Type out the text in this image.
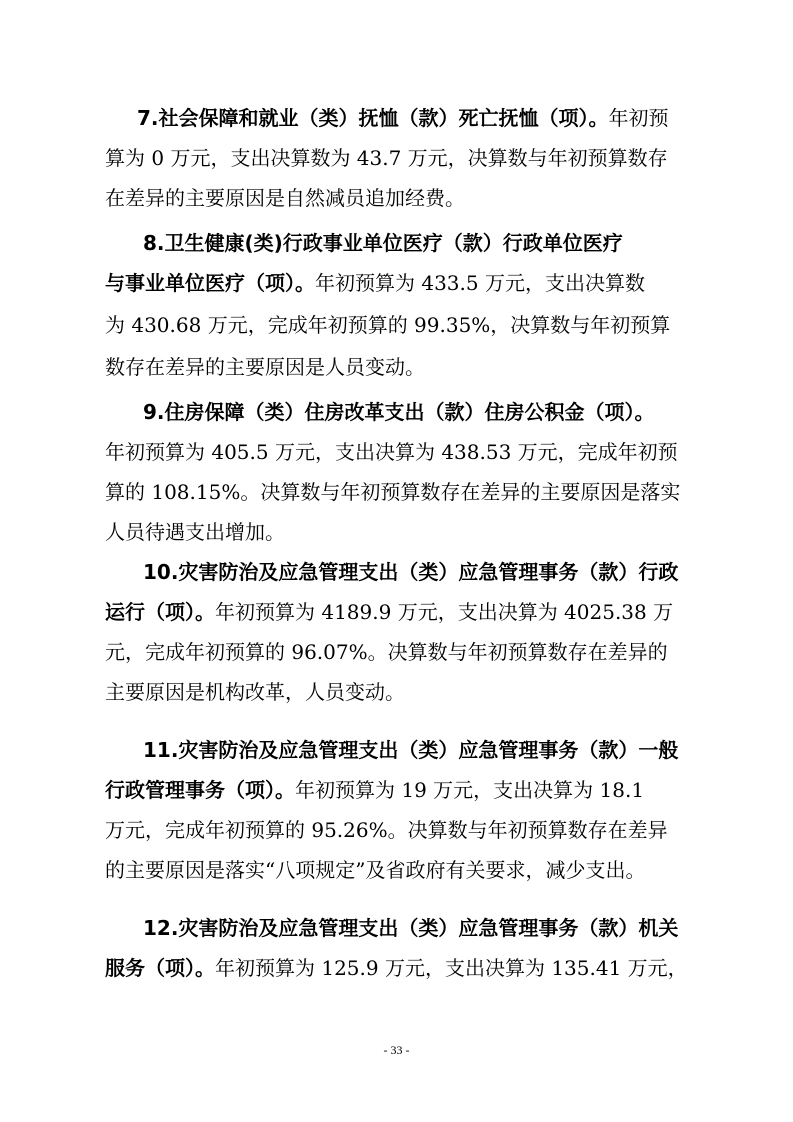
7.社会保障和就业（类）抚恤（款）死亡抚恤（项）。年初预
算为 0 万元，支出决算数为 43.7 万元，决算数与年初预算数存
在差异的主要原因是自然减员追加经费。
8.卫生健康(类)行政事业单位医疗（款）行政单位医疗
与事业单位医疗（项）。年初预算为 433.5 万元，支出决算数
为 430.68 万元，完成年初预算的 99.35%，决算数与年初预算
数存在差异的主要原因是人员变动。
9.住房保障（类）住房改革支出（款）住房公积金（项）。
年初预算为 405.5 万元，支出决算为 438.53 万元，完成年初预
算的 108.15%。决算数与年初预算数存在差异的主要原因是落实
人员待遇支出增加。
10.灾害防治及应急管理支出（类）应急管理事务（款）行政
运行（项）。年初预算为 4189.9 万元，支出决算为 4025.38 万
元，完成年初预算的 96.07%。决算数与年初预算数存在差异的
主要原因是机构改革，人员变动。
11.灾害防治及应急管理支出（类）应急管理事务（款）一般
行政管理事务（项）。年初预算为 19 万元，支出决算为 18.1
万元，完成年初预算的 95.26%。决算数与年初预算数存在差异
的主要原因是落实“八项规定”及省政府有关要求，减少支出。
12.灾害防治及应急管理支出（类）应急管理事务（款）机关
服务（项）。年初预算为 125.9 万元，支出决算为 135.41 万元，
- 33 -
